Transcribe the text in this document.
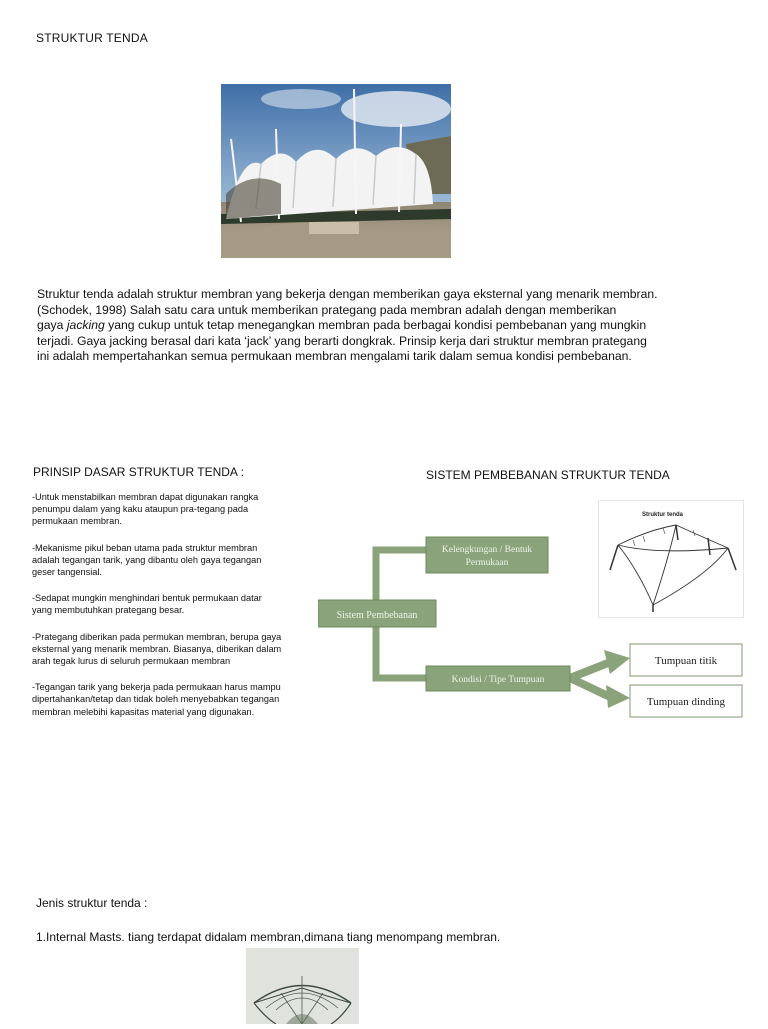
STRUKTUR TENDA

Struktur tenda adalah struktur membran yang bekerja dengan memberikan gaya eksternal yang menarik membran.

(Schodek, 1998) Salah satu cara untuk memberikan prategang pada membran adalah dengan memberikan

gaya jacking yang cukup untuk tetap menegangkan membran pada berbagai kondisi pembebanan yang mungkin

terjadi. Gaya jacking berasal dari kata ‘jack’ yang berarti dongkrak. Prinsip kerja dari struktur membran prategang

ini adalah mempertahankan semua permukaan membran mengalami tarik dalam semua kondisi pembebanan.

PRINSIP DASAR STRUKTUR TENDA :	SISTEM PEMBEBANAN STRUKTUR TENDA

-Untuk menstabilkan membran dapat digunakan rangka penumpu dalam yang kaku ataupun pra-tegang pada permukaan membran.

-Mekanisme pikul beban utama pada struktur membran adalah tegangan tarik, yang dibantu oleh gaya tegangan geser tangensial.

-Sedapat mungkin menghindari bentuk permukaan datar yang membutuhkan prategang besar.

-Prategang diberikan pada permukan membran, berupa gaya eksternal yang menarik membran. Biasanya, diberikan dalam arah tegak lurus di seluruh permukaan membran

-Tegangan tarik yang bekerja pada permukaan harus mampu dipertahankan/tetap dan tidak boleh menyebabkan tegangan membran melebihi kapasitas material yang digunakan.

Struktur tenda
Sistem Pembebanan
Kelengkungan / Bentuk
Permukaan
Kondisi / Tipe Tumpuan
Tumpuan titik
Tumpuan dinding
Jenis struktur tenda :
1.Internal Masts. tiang terdapat didalam membran,dimana tiang menompang membran.
